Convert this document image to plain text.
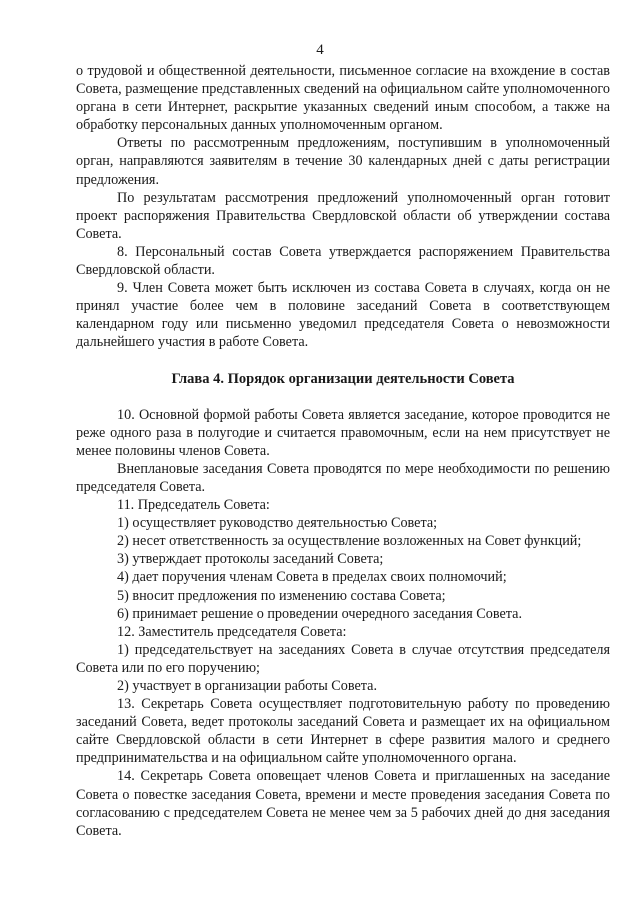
4

о трудовой и общественной деятельности, письменное согласие на вхождение в состав Совета, размещение представленных сведений на официальном сайте уполномоченного органа в сети Интернет, раскрытие указанных сведений иным способом, а также на обработку персональных данных уполномоченным органом.

Ответы по рассмотренным предложениям, поступившим в уполномоченный орган, направляются заявителям в течение 30 календарных дней с даты регистрации предложения.

По результатам рассмотрения предложений уполномоченный орган готовит проект распоряжения Правительства Свердловской области об утверждении состава Совета.

8. Персональный состав Совета утверждается распоряжением Правительства Свердловской области.

9. Член Совета может быть исключен из состава Совета в случаях, когда он не принял участие более чем в половине заседаний Совета в соответствующем календарном году или письменно уведомил председателя Совета о невозможности дальнейшего участия в работе Совета.

Глава 4. Порядок организации деятельности Совета

10. Основной формой работы Совета является заседание, которое проводится не реже одного раза в полугодие и считается правомочным, если на нем присутствует не менее половины членов Совета.

Внеплановые заседания Совета проводятся по мере необходимости по решению председателя Совета.

11. Председатель Совета:

1) осуществляет руководство деятельностью Совета;

2) несет ответственность за осуществление возложенных на Совет функций;

3) утверждает протоколы заседаний Совета;

4) дает поручения членам Совета в пределах своих полномочий;

5) вносит предложения по изменению состава Совета;

6) принимает решение о проведении очередного заседания Совета.

12. Заместитель председателя Совета:

1) председательствует на заседаниях Совета в случае отсутствия председателя Совета или по его поручению;

2) участвует в организации работы Совета.

13. Секретарь Совета осуществляет подготовительную работу по проведению заседаний Совета, ведет протоколы заседаний Совета и размещает их на официальном сайте Свердловской области в сети Интернет в сфере развития малого и среднего предпринимательства и на официальном сайте уполномоченного органа.

14. Секретарь Совета оповещает членов Совета и приглашенных на заседание Совета о повестке заседания Совета, времени и месте проведения заседания Совета по согласованию с председателем Совета не менее чем за 5 рабочих дней до дня заседания Совета.
